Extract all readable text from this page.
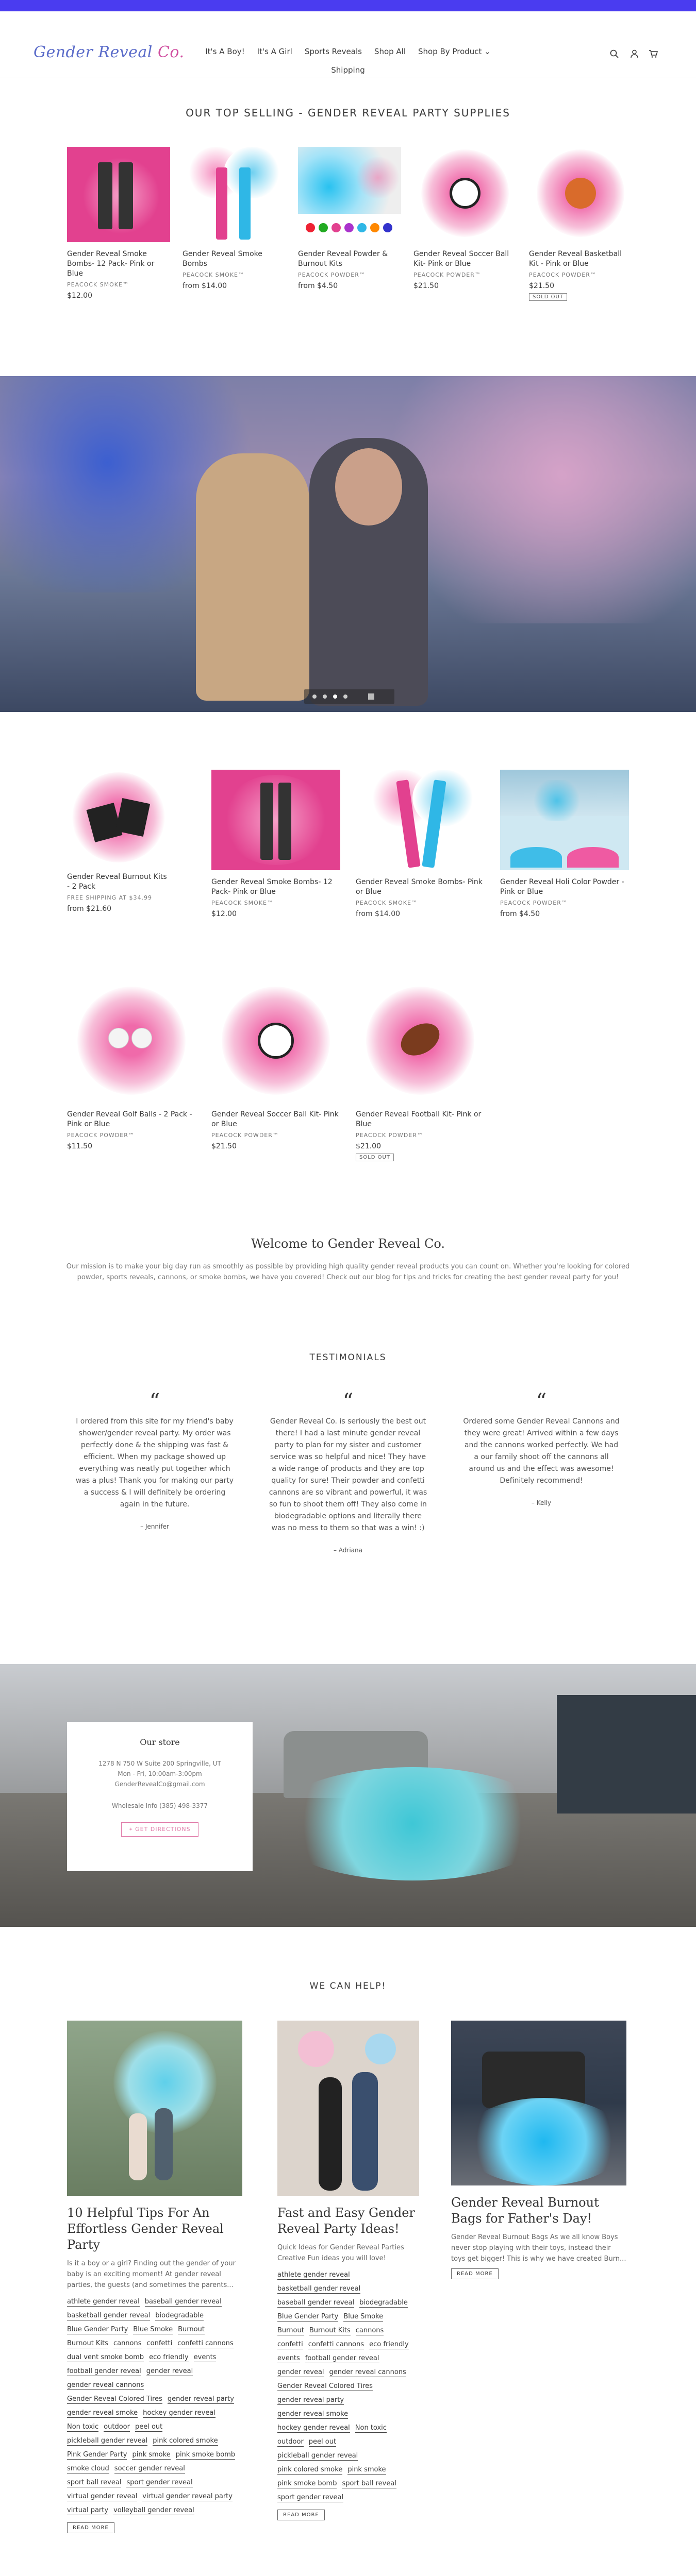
Gender Reveal Co.	It's A Boy! It's A Girl Sports Reveals Shop All Shop By Product ⌄
Shipping
OUR TOP SELLING - GENDER REVEAL PARTY SUPPLIES
Gender Reveal Smoke Bombs- 12 Pack- Pink or Blue
PEACOCK SMOKE™
$12.00
Gender Reveal Smoke Bombs
PEACOCK SMOKE™
from $14.00
Gender Reveal Powder & Burnout Kits
PEACOCK POWDER™
from $4.50
Gender Reveal Soccer Ball Kit- Pink or Blue
PEACOCK POWDER™
$21.50
Gender Reveal Basketball Kit - Pink or Blue
PEACOCK POWDER™
$21.50
SOLD OUT
Gender Reveal Burnout Kits - 2 Pack
FREE SHIPPING AT $34.99
from $21.60
Gender Reveal Smoke Bombs- 12 Pack- Pink or Blue
PEACOCK SMOKE™
$12.00
Gender Reveal Smoke Bombs- Pink or Blue
PEACOCK SMOKE™
from $14.00
Gender Reveal Holi Color Powder - Pink or Blue
PEACOCK POWDER™
from $4.50
Gender Reveal Golf Balls - 2 Pack - Pink or Blue
PEACOCK POWDER™
$11.50
Gender Reveal Soccer Ball Kit- Pink or Blue
PEACOCK POWDER™
$21.50
Gender Reveal Football Kit- Pink or Blue
PEACOCK POWDER™
$21.00
SOLD OUT
Welcome to Gender Reveal Co.

Our mission is to make your big day run as smoothly as possible by providing high quality gender reveal products you can count on. Whether you're looking for colored powder, sports reveals, cannons, or smoke bombs, we have you covered! Check out our blog for tips and tricks for creating the best gender reveal party for you!

TESTIMONIALS
“

I ordered from this site for my friend's baby shower/gender reveal party. My order was perfectly done & the shipping was fast & efficient. When my package showed up everything was neatly put together which was a plus! Thank you for making our party a success & I will definitely be ordering again in the future.

– Jennifer

“

Gender Reveal Co. is seriously the best out there! I had a last minute gender reveal party to plan for my sister and customer service was so helpful and nice! They have a wide range of products and they are top quality for sure! Their powder and confetti cannons are so vibrant and powerful, it was so fun to shoot them off! They also come in biodegradable options and literally there was no mess to them so that was a win! :)

– Adriana

“

Ordered some Gender Reveal Cannons and they were great! Arrived within a few days and the cannons worked perfectly. We had a our family shoot off the cannons all around us and the effect was awesome! Definitely recommend!

– Kelly

Our store
1278 N 750 W Suite 200 Springville, UT
Mon - Fri, 10:00am-3:00pm
GenderRevealCo@gmail.com
Wholesale Info (385) 498-3377
⌖ GET DIRECTIONS
WE CAN HELP!
10 Helpful Tips For An Effortless Gender Reveal Party

Is it a boy or a girl? Finding out the gender of your baby is an exciting moment! At gender reveal parties, the guests (and sometimes the parents...

athlete gender reveal baseball gender revealbasketball gender reveal biodegradableBlue Gender Party Blue Smoke BurnoutBurnout Kits cannons confetti confetti cannonsdual vent smoke bomb eco friendly eventsfootball gender reveal gender revealgender reveal cannonsGender Reveal Colored Tires gender reveal partygender reveal smoke hockey gender revealNon toxic outdoor peel outpickleball gender reveal pink colored smokePink Gender Party pink smoke pink smoke bombsmoke cloud soccer gender revealsport ball reveal sport gender revealvirtual gender reveal virtual gender reveal partyvirtual party volleyball gender reveal
READ MORE
Fast and Easy Gender Reveal Party Ideas!

Quick Ideas for Gender Reveal Parties Creative Fun ideas you will love!

athlete gender revealbasketball gender revealbaseball gender reveal biodegradableBlue Gender Party Blue SmokeBurnout Burnout Kits cannonsconfetti confetti cannons eco friendlyevents football gender revealgender reveal gender reveal cannonsGender Reveal Colored Tiresgender reveal partygender reveal smokehockey gender reveal Non toxicoutdoor peel outpickleball gender revealpink colored smoke pink smokepink smoke bomb sport ball revealsport gender reveal
READ MORE
Gender Reveal Burnout Bags for Father's Day!

Gender Reveal Burnout Bags As we all know Boys never stop playing with their toys, instead their toys get bigger! This is why we have created Burn...

READ MORE
